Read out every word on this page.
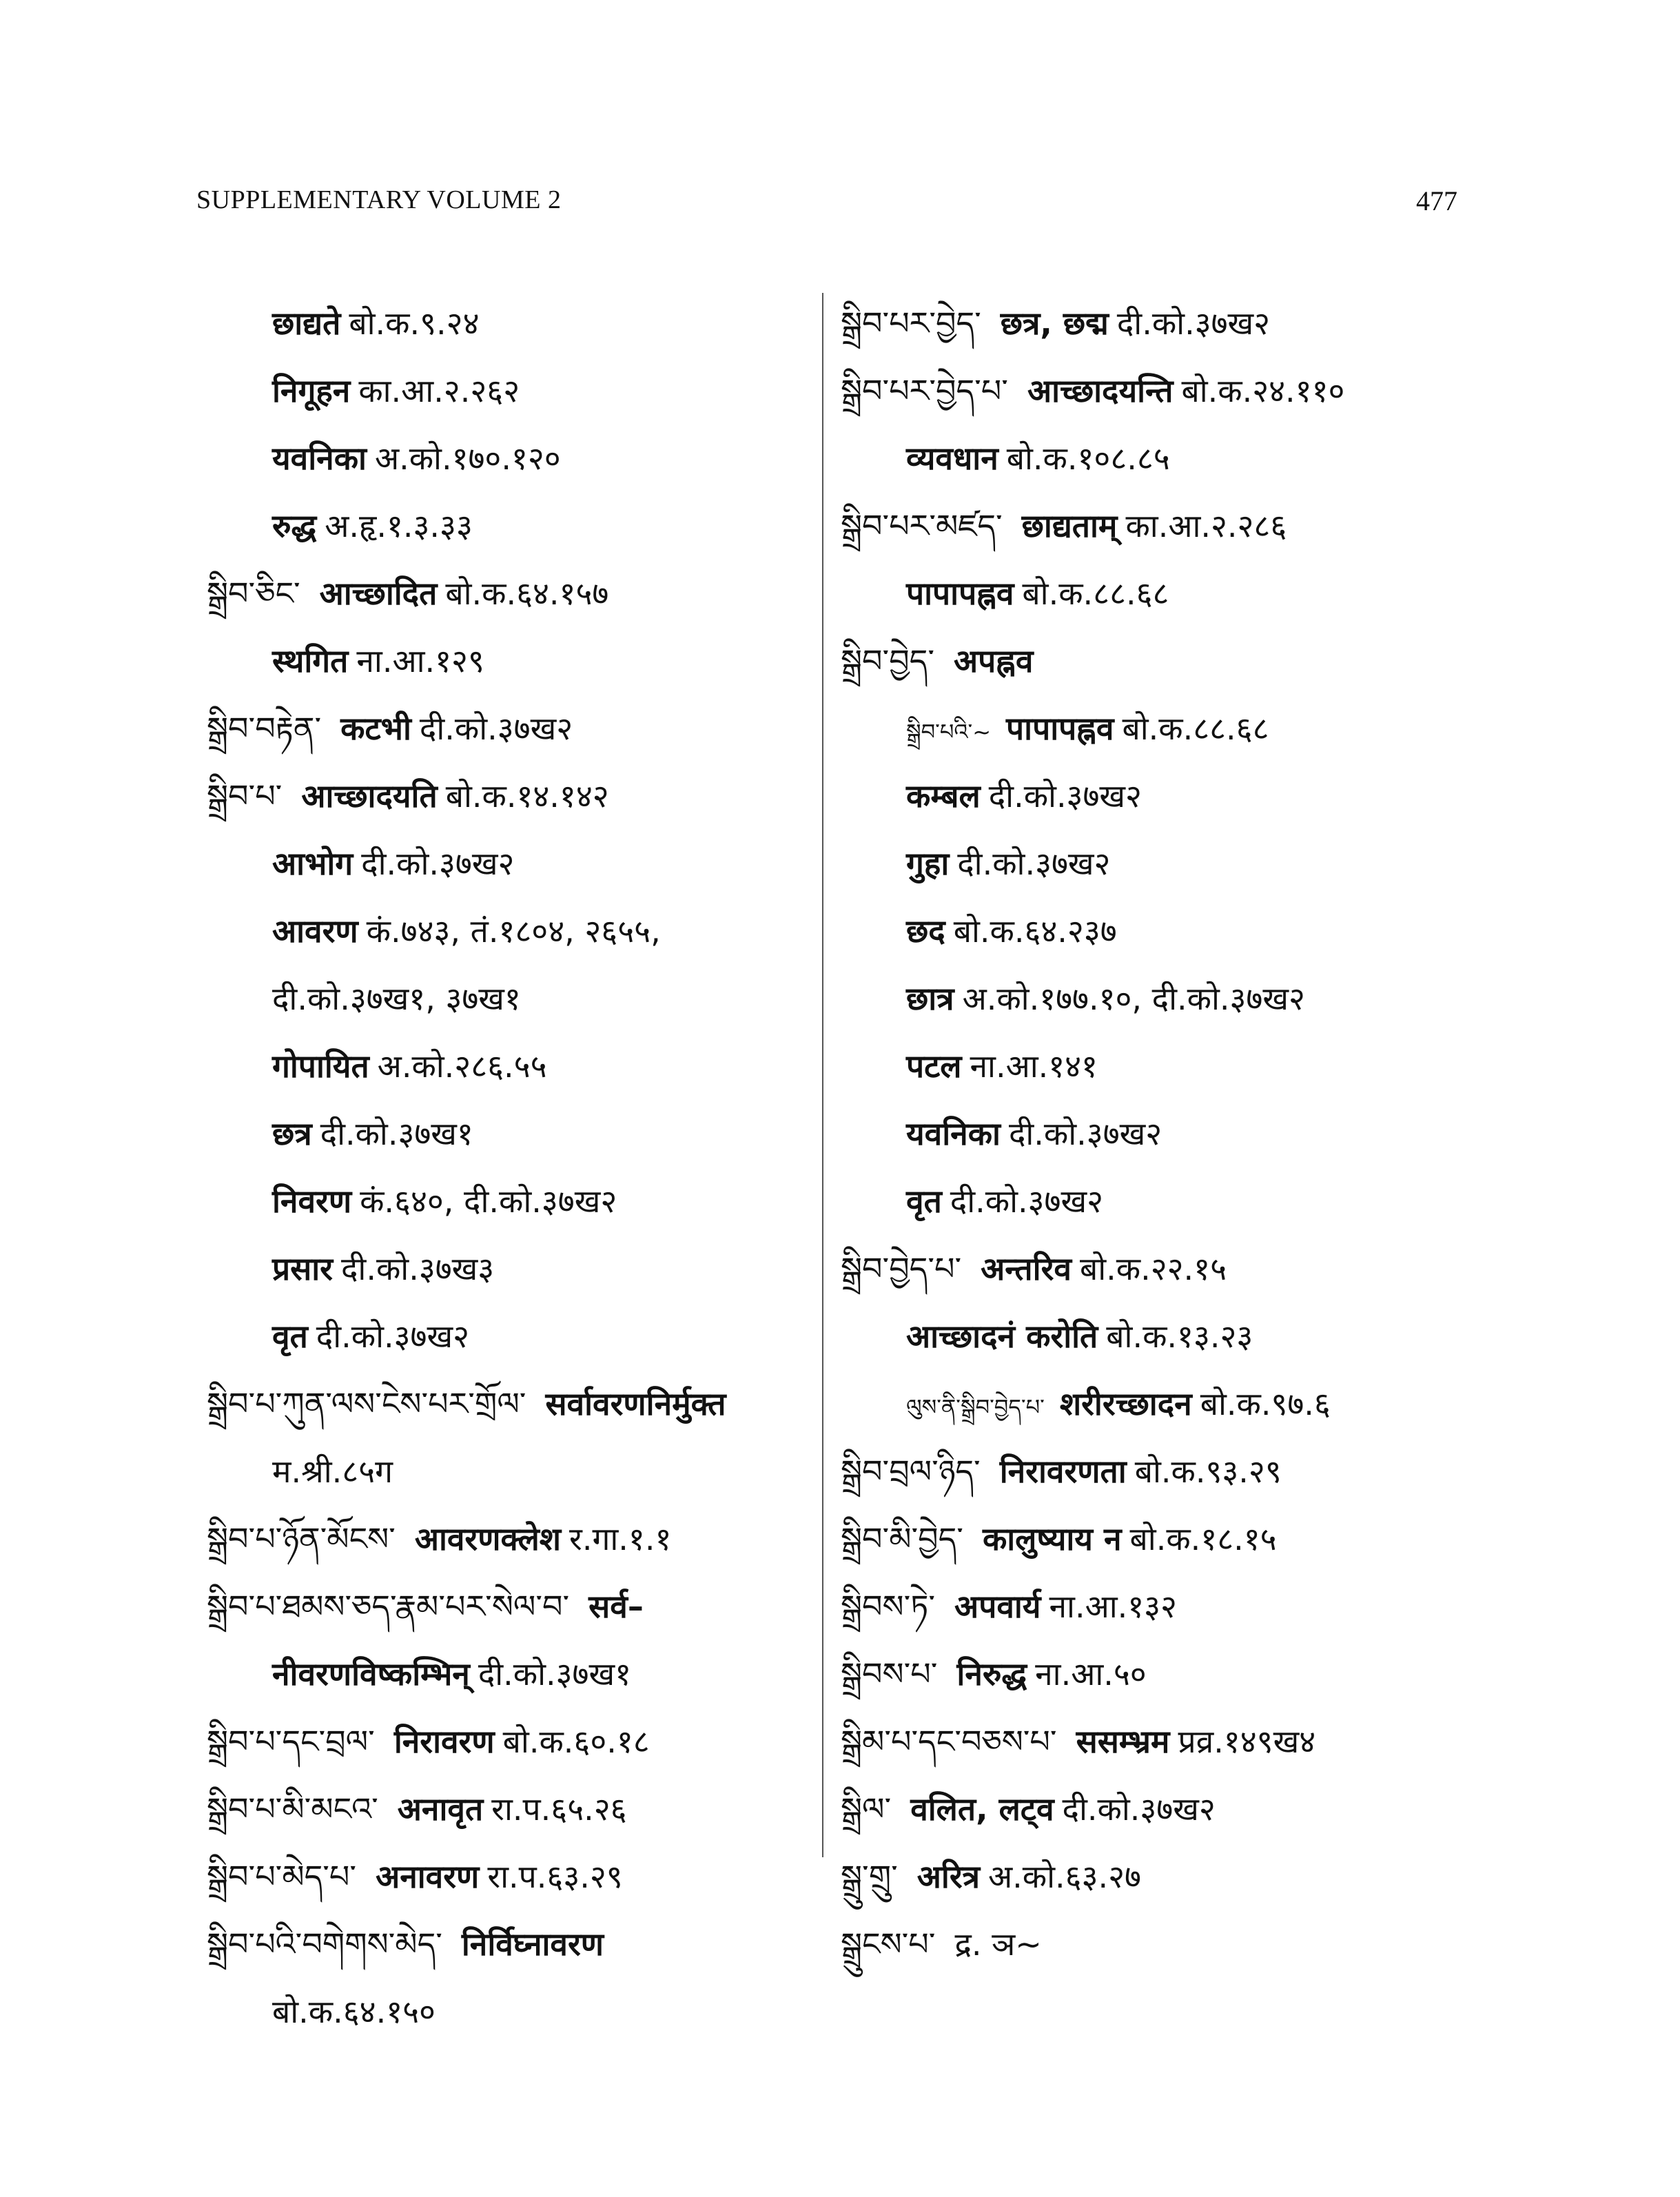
SUPPLEMENTARY VOLUME 2	477
छाद्यते बो.क.९.२४
निगूहन का.आ.२.२६२
यवनिका अ.को.१७०.१२०
रुद्ध अ.हृ.१.३.३३
སྒྲིབ་ཅིང་ आच्छादित बो.क.६४.१५७
स्थगित ना.आ.१२९
སྒྲིབ་བརྟེན་ कटभी दी.को.३७ख२
སྒྲིབ་པ་ आच्छादयति बो.क.१४.१४२
आभोग दी.को.३७ख२
आवरण कं.७४३, तं.१८०४, २६५५,
दी.को.३७ख१, ३७ख१
गोपायित अ.को.२८६.५५
छत्र दी.को.३७ख१
निवरण कं.६४०, दी.को.३७ख२
प्रसार दी.को.३७ख३
वृत दी.को.३७ख२
སྒྲིབ་པ་ཀུན་ལས་ངེས་པར་གྲོལ་ सर्वावरणनिर्मुक्त
म.श्री.८५ग
སྒྲིབ་པ་ཉོན་མོངས་ आवरणक्लेश र.गा.१.१
སྒྲིབ་པ་ཐམས་ཅད་རྣམ་པར་སེལ་བ་ सर्व–
नीवरणविष्कम्भिन् दी.को.३७ख१
སྒྲིབ་པ་དང་བྲལ་ निरावरण बो.क.६०.१८
སྒྲིབ་པ་མི་མངའ་ अनावृत रा.प.६५.२६
སྒྲིབ་པ་མེད་པ་ अनावरण रा.प.६३.२९
སྒྲིབ་པའི་བགེགས་མེད་ निर्विघ्नावरण
बो.क.६४.१५०
སྒྲིབ་པར་བྱེད་ छत्र, छद्म दी.को.३७ख२
སྒྲིབ་པར་བྱེད་པ་ आच्छादयन्ति बो.क.२४.११०
व्यवधान बो.क.१०८.८५
སྒྲིབ་པར་མཛད་ छाद्यताम् का.आ.२.२८६
पापापह्नव बो.क.८८.६८
སྒྲིབ་བྱེད་ अपह्नव
སྒྲིབ་པའི་~ पापापह्नव बो.क.८८.६८
कम्बल दी.को.३७ख२
गुहा दी.को.३७ख२
छद बो.क.६४.२३७
छात्र अ.को.१७७.१०, दी.को.३७ख२
पटल ना.आ.१४१
यवनिका दी.को.३७ख२
वृत दी.को.३७ख२
སྒྲིབ་བྱེད་པ་ अन्तरिव बो.क.२२.१५
आच्छादनं करोति बो.क.१३.२३
ལུས་ནི་སྒྲིབ་བྱེད་པ་ शरीरच्छादन बो.क.९७.६
སྒྲིབ་བྲལ་ཉིད་ निरावरणता बो.क.९३.२९
སྒྲིབ་མི་བྱེད་ कालुष्याय न बो.क.१८.१५
སྒྲིབས་ཏེ་ अपवार्य ना.आ.१३२
སྒྲིབས་པ་ निरुद्ध ना.आ.५०
སྒྲིམ་པ་དང་བཅས་པ་ ससम्भ्रम प्रव्र.१४९ख४
སྒྲིལ་ वलित, लट्व दी.को.३७ख२
སྒྲུ་གྲུ་ अरित्र अ.को.६३.२७
སྒྲུངས་པ་ द्र. ञ~
